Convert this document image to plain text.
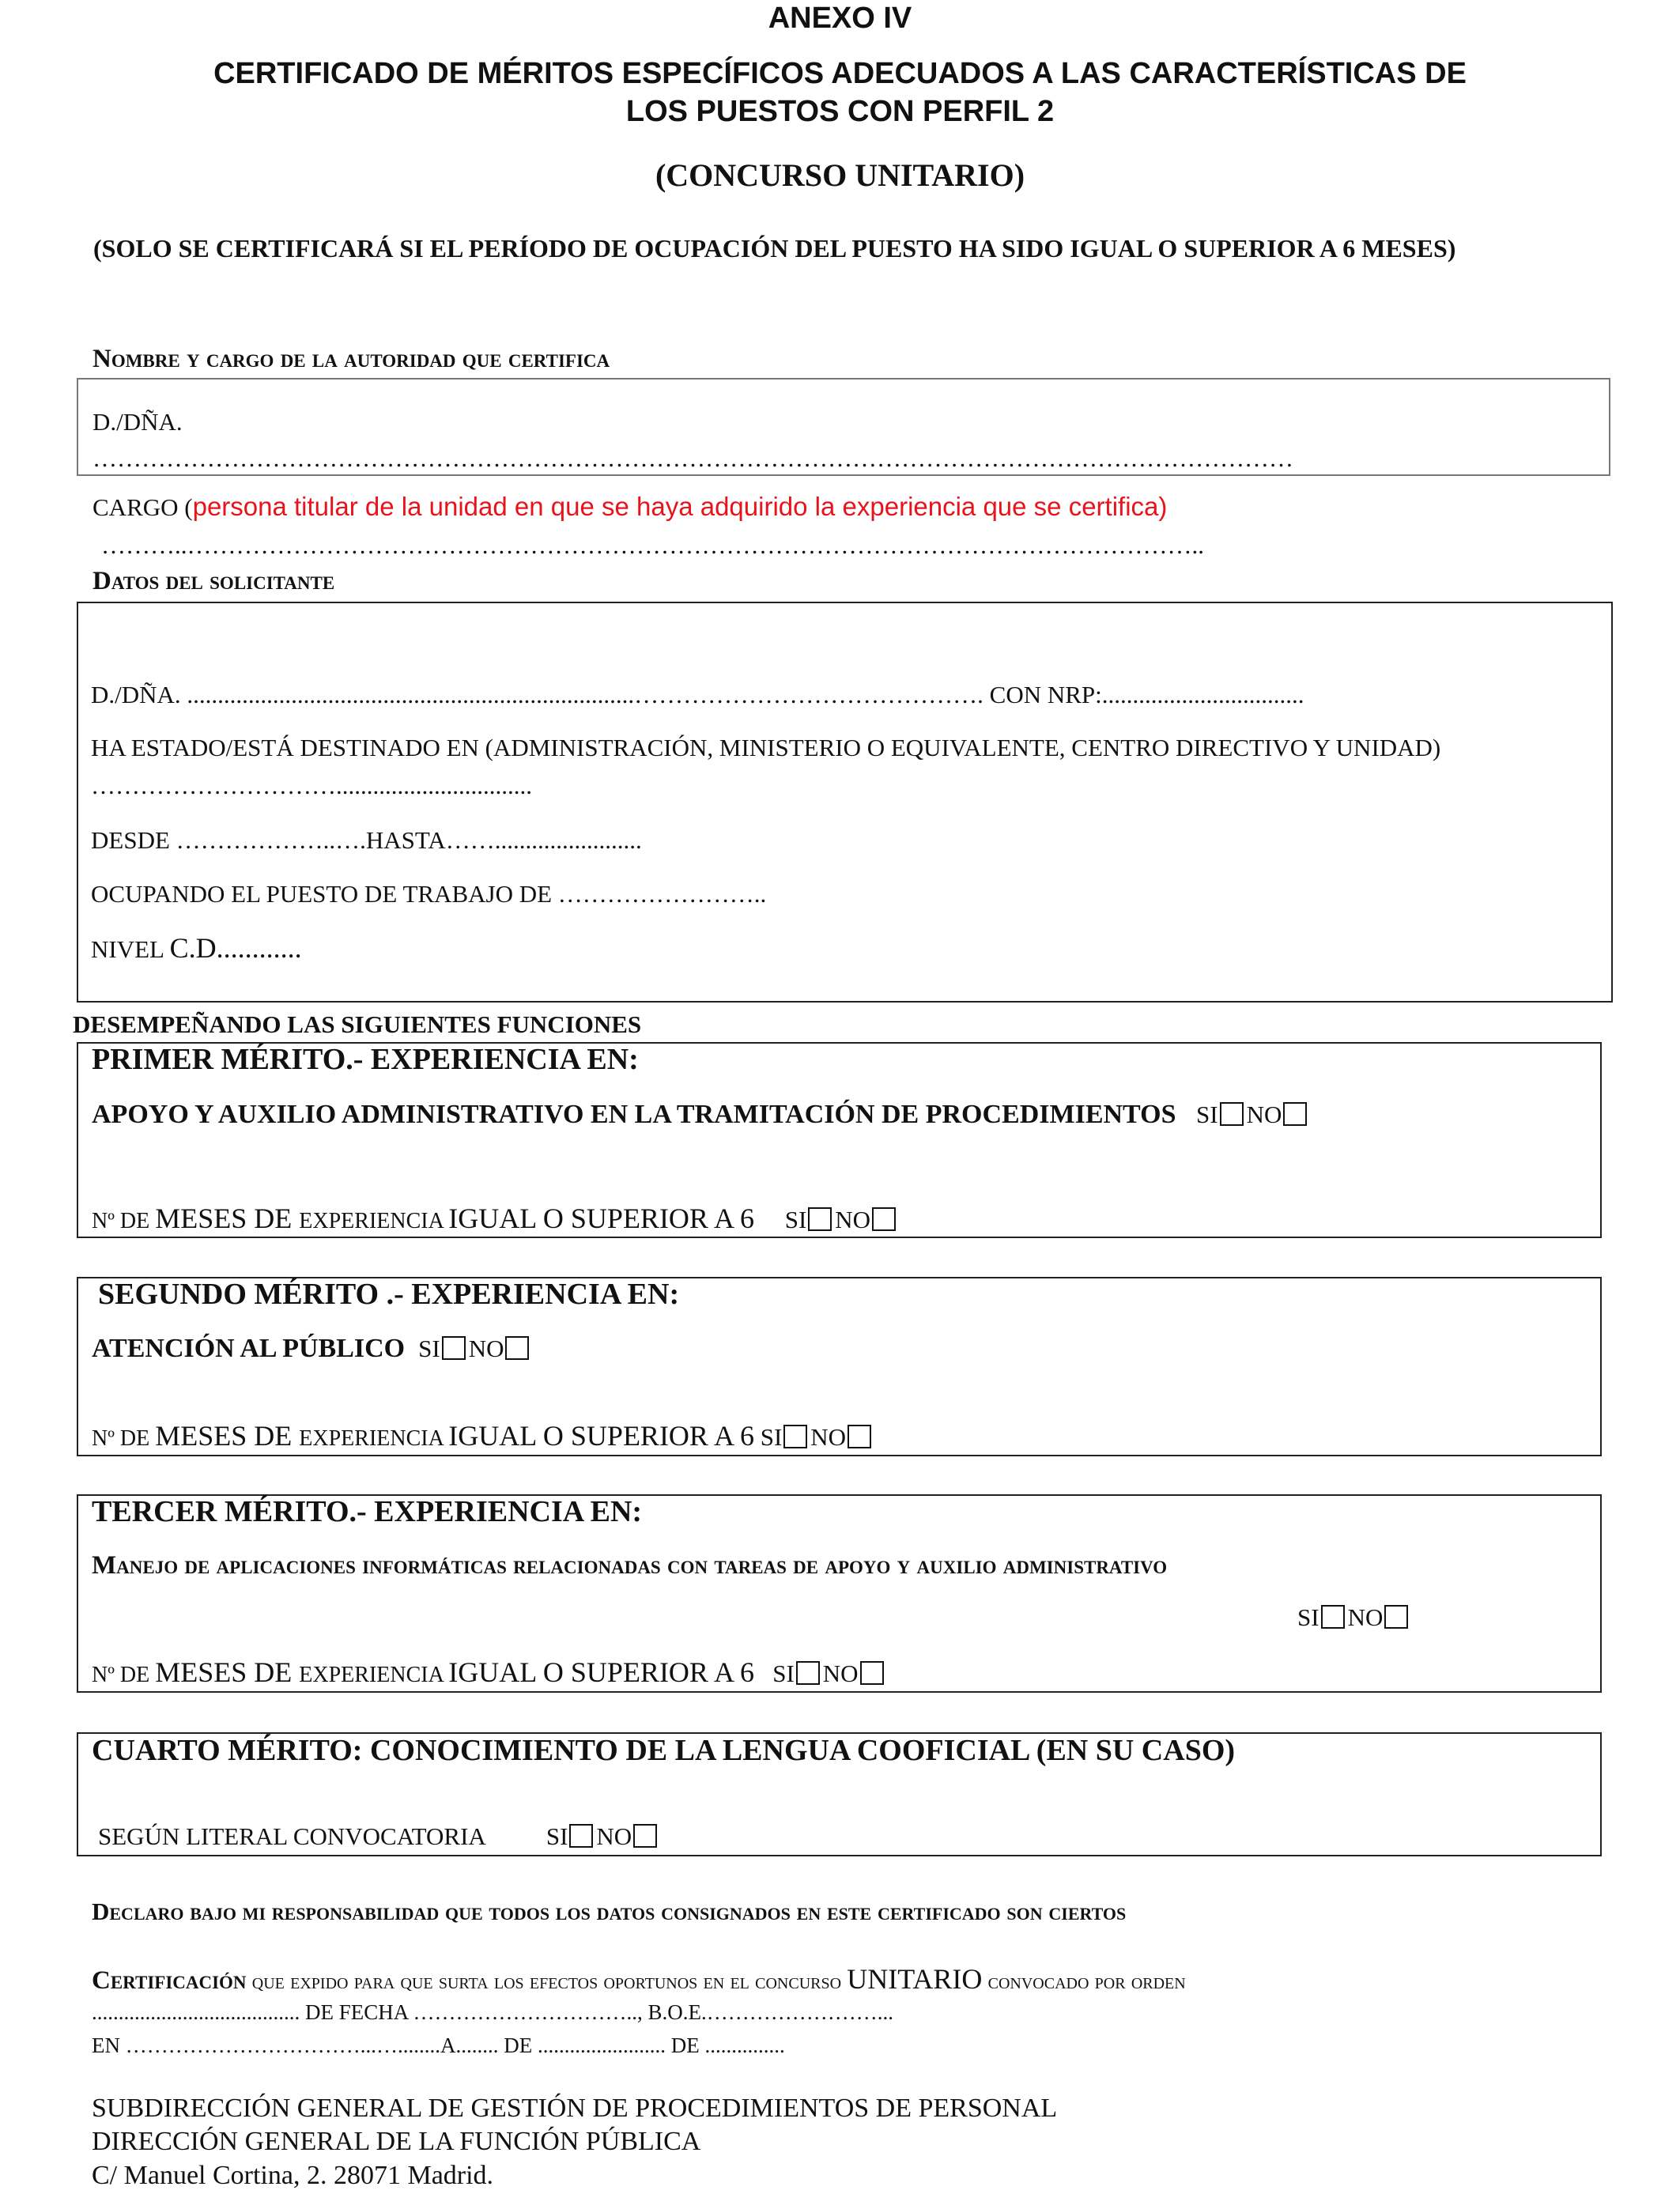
ANEXO IV
CERTIFICADO DE MÉRITOS ESPECÍFICOS ADECUADOS A LAS CARACTERÍSTICAS DE
LOS PUESTOS CON PERFIL 2
(CONCURSO UNITARIO)
(SOLO SE CERTIFICARÁ SI EL PERÍODO DE OCUPACIÓN DEL PUESTO HA SIDO IGUAL O SUPERIOR A 6 MESES)
Nombre y cargo de la autoridad que certifica
D./DÑA.
…………………………………………………………………………………………………………………………………
CARGO (persona titular de la unidad en que se haya adquirido la experiencia que se certifica)
………..……………………………………………………………………………………………………………..
Datos del solicitante
D./DÑA. .........................................................................……………………………………. CON NRP:.................................
HA ESTADO/ESTÁ DESTINADO EN (ADMINISTRACIÓN, MINISTERIO O EQUIVALENTE, CENTRO DIRECTIVO Y UNIDAD)
…………………………................................
DESDE ………………..….HASTA……........................
OCUPANDO EL PUESTO DE TRABAJO DE ……………………..
NIVEL C.D............
DESEMPEÑANDO LAS SIGUIENTES FUNCIONES
PRIMER MÉRITO.- EXPERIENCIA EN:
APOYO Y AUXILIO ADMINISTRATIVO EN LA TRAMITACIÓN DE PROCEDIMIENTOS SI NO
Nº DE MESES DE EXPERIENCIA IGUAL O SUPERIOR A 6 SI NO
SEGUNDO MÉRITO .- EXPERIENCIA EN:
ATENCIÓN AL PÚBLICO SI NO
Nº DE MESES DE EXPERIENCIA IGUAL O SUPERIOR A 6 SI NO
TERCER MÉRITO.- EXPERIENCIA EN:
Manejo de aplicaciones informáticas relacionadas con tareas de apoyo y auxilio administrativo
SI NO
Nº DE MESES DE EXPERIENCIA IGUAL O SUPERIOR A 6 SI NO
CUARTO MÉRITO: CONOCIMIENTO DE LA LENGUA COOFICIAL (EN SU CASO)
SEGÚN LITERAL CONVOCATORIA SI NO
Declaro bajo mi responsabilidad que todos los datos consignados en este certificado son ciertos
Certificación que expido para que surta los efectos oportunos en el concurso UNITARIO convocado por orden
....................................... DE FECHA ………………………….., B.O.E.……………………...
EN ……………………………...…........A........ DE ........................ DE ...............
SUBDIRECCIÓN GENERAL DE GESTIÓN DE PROCEDIMIENTOS DE PERSONAL
DIRECCIÓN GENERAL DE LA FUNCIÓN PÚBLICA
C/ Manuel Cortina, 2. 28071 Madrid.
